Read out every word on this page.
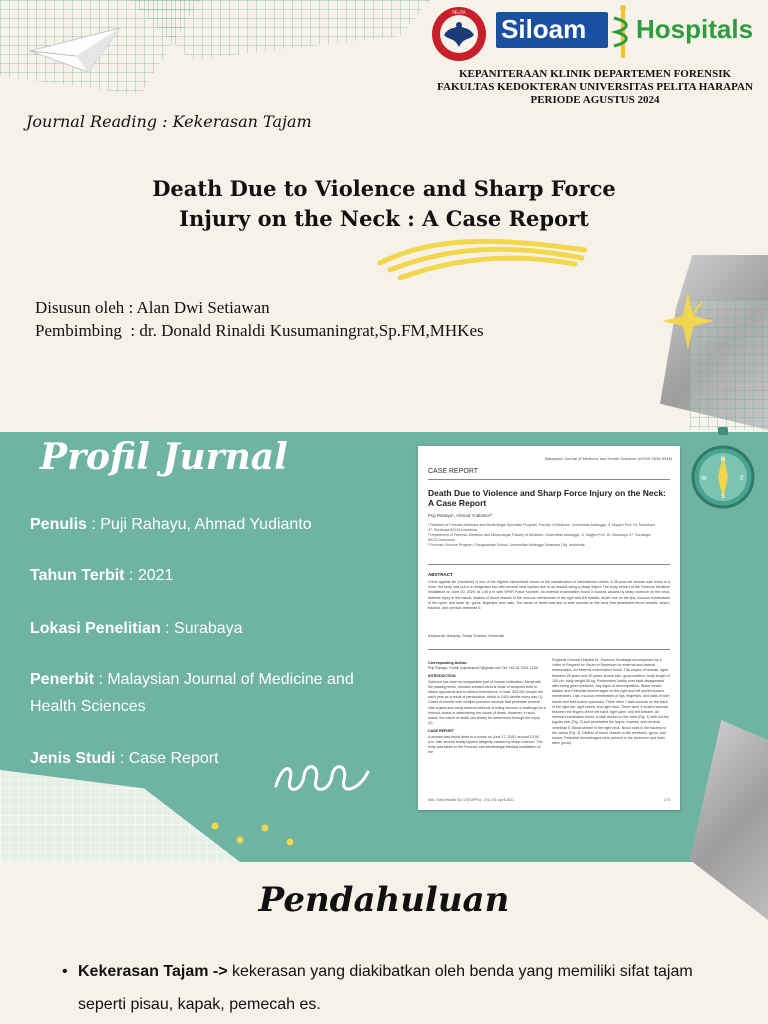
PELITA
Siloam Hospitals
KEPANITERAAN KLINIK DEPARTEMEN FORENSIK
FAKULTAS KEDOKTERAN UNIVERSITAS PELITA HARAPAN
PERIODE AGUSTUS 2024
Journal Reading : Kekerasan Tajam
Death Due to Violence and Sharp Force
Injury on the Neck : A Case Report
Disusun oleh : Alan Dwi Setiawan
Pembimbing  : dr. Donald Rinaldi Kusumaningrat,Sp.FM,MHKes
Profil Jurnal
Penulis : Puji Rahayu, Ahmad Yudianto
Tahun Terbit : 2021
Lokasi Penelitian : Surabaya
Penerbit : Malaysian Journal of Medicine and Health Sciences
Jenis Studi : Case Report
N
E
W
S
Malaysian Journal of Medicine and Health Sciences (eISSN 2636-9346)
CASE REPORT
Death Due to Violence and Sharp Force Injury on the Neck: A Case Report
Puji Rahayu¹, Ahmad Yudianto²³
¹ Resident of Forensic Medicine and Medicolegal Specialist Program, Faculty of Medicine, Universitas Airlangga, Jl. Mayjen Prof. Dr. Moestopo 47, Surabaya 60131 Indonesia
² Department of Forensic Medicine and Medicolegal, Faculty of Medicine, Universitas Airlangga, Jl. Mayjen Prof. Dr. Moestopo 47, Surabaya 60131 Indonesia
³ Forensic Science Program, Postgraduate School, Universitas Airlangga Surabaya City, Indonesia
ABSTRACT
Crime against life (homicide) is one of the highest hierarchical crimes in the classification of international crimes. A 28-year-old woman was found in a room, the body was put in a refrigerator box with several neck injuries due to an assault using a sharp object. The body arrived at the Forensic Medicine Installation on June 20, 2020, at 1.50 p.m with SPVR Police Number. An external examination found 3 wounds caused by sharp violence on the neck, defense injury in the hands, dilation of blood vessels in the mucous membranes of the right and left eyelids, bluish hue on the lips, mucous membranes of the upper and lower lip, gums, fingertips, and nails. The cause of death was due to stab wounds on the neck that penetrated blood vessels, larynx, trachea, and cervical vertebrae 5.
Keywords: Autopsy, Sharp Trauma, Homicide
Corresponding Author:
Puji Rahayu, Email: pujirahayu07@gmail.com Tel: +62 81 2301 1238
INTRODUCTION
Violence has been an inseparable part of human civilization. Along with the passing times, humans created various kinds of weapons both to attack opponents and to defend themselves. In total, 520,000 people die each year as a result of persecution, which is 1400 deaths every day (1). Cases of murder with multiple puncture wounds that penetrate several vital organs and using several methods of killing become a challenge for a forensic doctor in determining the cause of death. However, in such cases, the cause of death can clearly be determined through the injury (2).
CASE REPORT
A woman was found dead in a house on June 17, 2020, around 10.50 a.m. with several bodily injuries allegedly caused by sharp violence. The body was taken to the Forensic and Medicolegal Medical Installation of the
Regional General Hospital Dr. Soetomo Surabaya accompanied by a Letter of Request for Visum et Repertum for external and internal examination. An external examination found: The corpse of woman, aged between 28 years and 30 years, brown skin, good nutrition, body length of 150 cm, body weight 55 kg. Postmortem lividity over back disappeared after being given pressure. Any signs of decomposition. Blood vessel dilation and Petechial hemorrhages on the right and left eyelid mucous membranes. Lips, mucous membranes of lips, fingertips, and nails of both hands and feet looked cyanosed. There were 7 stab wounds on the back of the right ear, right cheek, and right neck. There were 4 incised wounds between the fingers of the left hand, right palm, and left forearm. An internal examination found: A stab wound on the neck (Fig. 1) with cut the jugular vein (Fig. 2) and penetrated the larynx, trachea, and cervical vertebrae 5. Blood stream in the right neck. Blood clots in the trachea to the carina (Fig. 3). Dilation of blood vessels in the cerebrum, gyrus, and sulcus. Petechial hemorrhages were present in the cerebrum and brain stem (pons).
Mal J Med Health Sci 17(SUPP2): 174-176, April 2021	174
Pendahuluan
• Kekerasan Tajam -> kekerasan yang diakibatkan oleh benda yang memiliki sifat tajam seperti pisau, kapak, pemecah es.
